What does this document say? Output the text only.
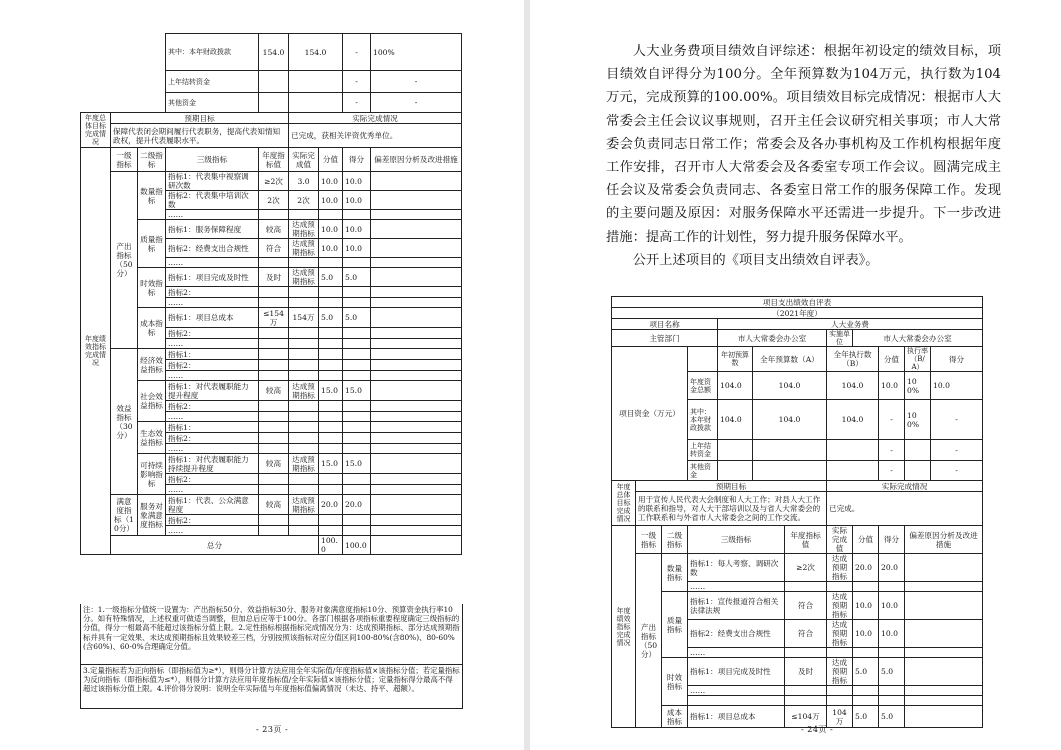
			其中：本年财政拨款	154.0	154.0		-	100%
			上年结转资金				-	-
			其他资金				-	-
年度总体目标完成情况	预期目标				实际完成情况			
	保障代表闭会期间履行代表职务，提高代表知情知政权，提升代表履职水平。				已完成，获相关评资优秀单位。			
年度绩效指标完成情况	一级指标	二级指标	三级指标	年度指标值	实际完成值	分值	得分	偏差原因分析及改进措施
	产出指标（50分）	数量指标	指标1：代表集中视察调研次数	≥2次	3.0	10.0	10.0	
			指标2：代表集中培训次数	2次	2次	10.0	10.0	
			……					
		质量指标	指标1：服务保障程度	较高	达成预期指标	10.0	10.0	
			指标2：经费支出合规性	符合	达成预期指标	10.0	10.0	
			……					
		时效指标	指标1：项目完成及时性	及时	达成预期指标	5.0	5.0	
			指标2：					
			……					
		成本指标	指标1：项目总成本	≤154万	154万	5.0	5.0	
			指标2：					
			……					
	效益指标（30分）	经济效益指标	指标1：					
			指标2：					
			……					
		社会效益指标	指标1：对代表履职能力提升程度	较高	达成预期指标	15.0	15.0	
			指标2：					
			……					
		生态效益指标	指标1：					
			指标2：					
			……					
		可持续影响指标	指标1：对代表履职能力持续提升程度	较高	达成预期指标	15.0	15.0	
			指标2：					
			……					
	满意度指标（10分）	服务对象满意度指标	指标1：代表、公众满意程度	较高	达成预期指标	20.0	20.0	
			指标2：					
			……					
	总分					100.0	100.0	
注：1.一级指标分值统一设置为：产出指标50分、效益指标30分、服务对象满意度指标10分、预算资金执行率10分。如有特殊情况，上述权重可做适当调整，但加总后应等于100分。各部门根据各项指标重要程度确定三级指标的分值，得分一相最高不能超过该指标分值上限。2.定性指标根据指标完成情况分为：达成预期指标、部分达成预期指标并具有一定效果、未达成预期指标且效果较差三档，分别按照该指标对应分值区间100-80%(含80%)、80-60%(含60%)、60-0%合理确定分值。
3.定量指标若为正向指标（即指标值为≥*），则得分计算方法应用全年实际值/年度指标值×该指标分值；若定量指标为反向指标（即指标值为≤*），则得分计算方法应用年度指标值/全年实际值×该指标分值；定量指标得分最高不得超过该指标分值上限。4.评价得分说明：说明全年实际值与年度指标值偏离情况（未达、持平、超额）。
- 23页 -

人大业务费项目绩效自评综述：根据年初设定的绩效目标，项目绩效自评得分为100分。全年预算数为104万元，执行数为104万元，完成预算的100.00%。项目绩效目标完成情况：根据市人大常委会主任会议议事规则，召开主任会议研究相关事项；市人大常委会负责同志日常工作；常委会及各办事机构及工作机构根据年度工作安排，召开市人大常委会及各委室专项工作会议。圆满完成主任会议及常委会负责同志、各委室日常工作的服务保障工作。发现的主要问题及原因：对服务保障水平还需进一步提升。下一步改进措施：提高工作的计划性，努力提升服务保障水平。

公开上述项目的《项目支出绩效自评表》。

项目支出绩效自评表											
（2021年度）											
项目名称				人大业务费							
主管部门				市人大常委会办公室			实施单位	市人大常委会办公室			
项目资金（万元）				年初预算数	全年预算数（A）		全年执行数（B）		分值	执行率（B/A）	得分
			年度资金总额	104.0	104.0		104.0		10.0	100%	10.0
			其中：本年财政拨款	104.0	104.0		104.0		-	100%	-
			上年结转资金						-		-
			其他资金						-		-
年度总体目标完成情况	预期目标						实际完成情况				
	用于宣传人民代表大会制度和人大工作；对县人大工作的联系和指导，对人大干部培训以及与省人大常委会的工作联系和与外省市人大常委会之间的工作交流。						已完成。				
年度绩效指标完成情况	一级指标	二级指标	三级指标			年度指标值	实际完成值	分值	得分	偏差原因分析及改进措施	
	产出指标（50分）	数量指标	指标1：每人考察、调研次数			≥2次	达成预期指标	20.0	20.0		
			……								
		质量指标	指标1：宣传报道符合相关法律法规			符合	达成预期指标	10.0	10.0		
			指标2：经费支出合规性			符合	达成预期指标	10.0	10.0		
			……								
		时效指标	指标1：项目完成及时性			及时	达成预期指标	5.0	5.0		
			……								

		成本指标	指标1：项目总成本			≤104万	104万	5.0	5.0		
- 24页 -
